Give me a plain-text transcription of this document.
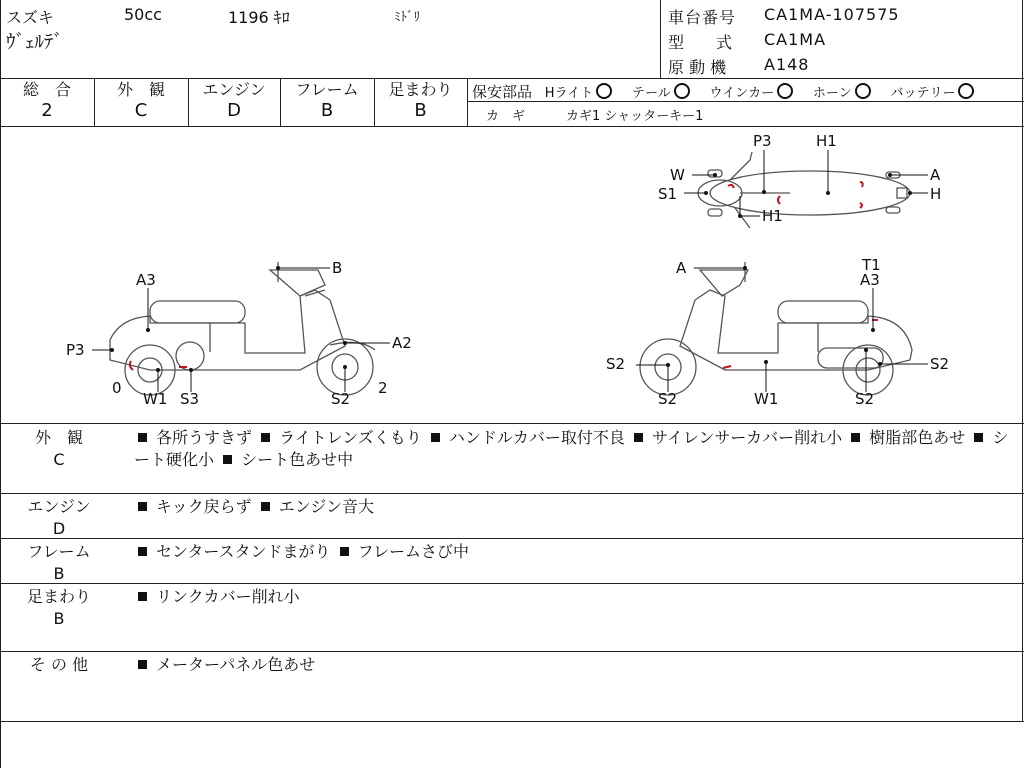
スズキ	50cc	1196 ｷﾛ	ﾐﾄﾞﾘ
ｳﾞｪﾙﾃﾞ
車台番号 CA1MA-107575
型　　式 CA1MA
原 動 機 A148
総　合
2
外　観
C
エンジン
D
フレーム
B
足まわり
B
保安部品 Hライト	テール	ウインカー	ホーン	バッテリー
カ　ギ	カギ1 シャッターキー1
P3	H1
W	A
S1	H
H1
B
A3
P3	A2
0	2
W1 S3	S2
A	T1
A3
S2	S2
S2	W1	S2
外　観
C
各所うすきず ライトレンズくもり ハンドルカバー取付不良 サイレンサーカバー削れ小 樹脂部色あせ シート硬化小 シート色あせ中
エンジン
D
キック戻らず エンジン音大
フレーム
B
センタースタンドまがり フレームさび中
足まわり
B
リンクカバー削れ小
そ の 他	メーターパネル色あせ
